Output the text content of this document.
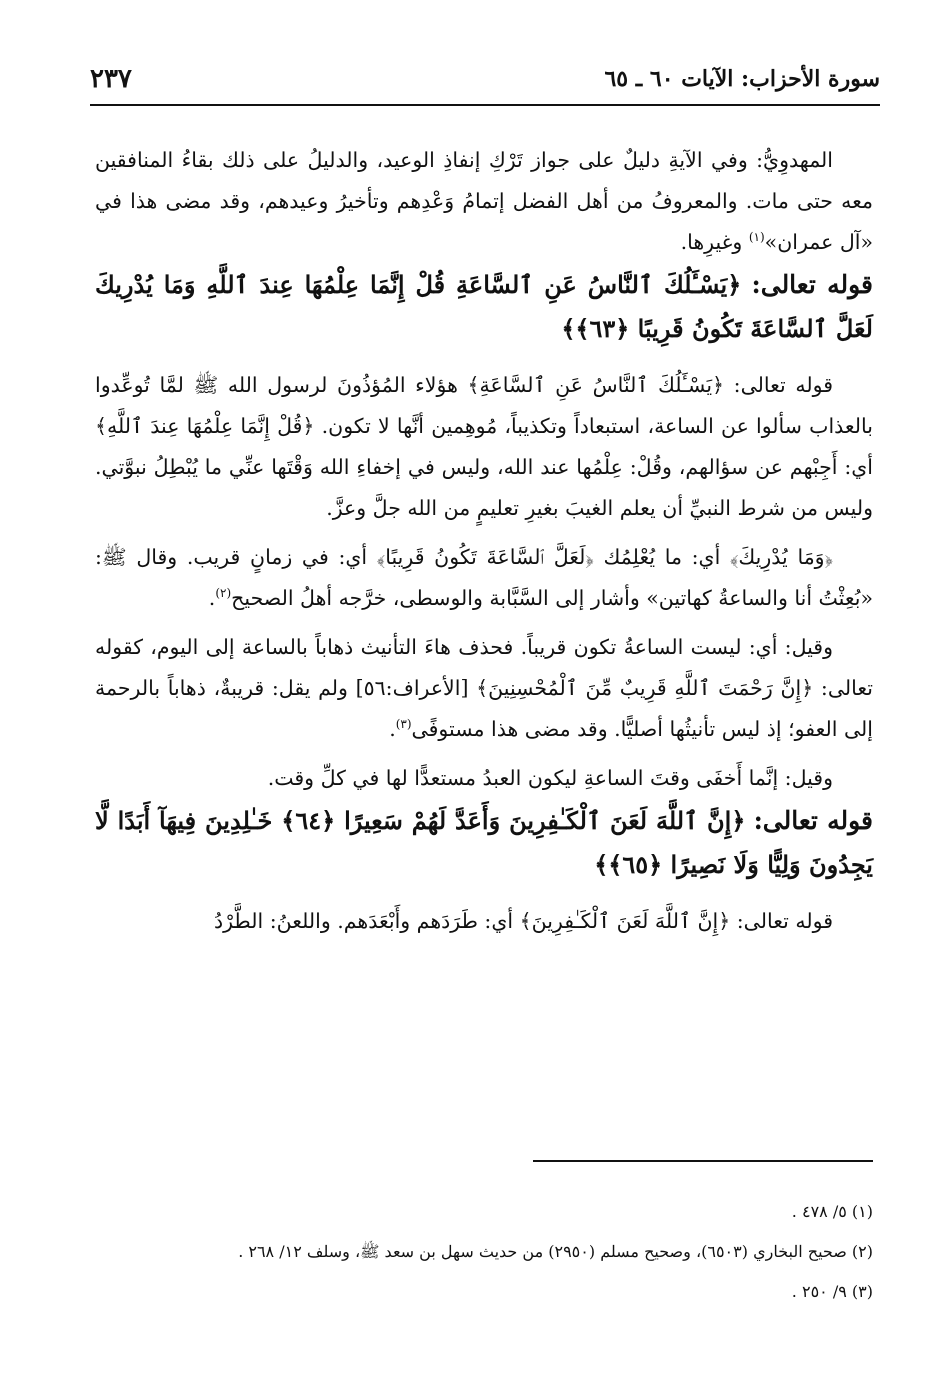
سورة الأحزاب: الآيات ٦٠ ـ ٦٥
٢٣٧

المهدوِيُّ: وفي الآيةِ دليلٌ على جواز تَرْكِ إنفاذِ الوعيد، والدليلُ على ذلك بقاءُ المنافقين معه حتى مات. والمعروفُ من أهل الفضل إتمامُ وَعْدِهم وتأخيرُ وعيدهم، وقد مضى هذا في «آل عمران»$^{(١)}$ وغيرِها.

قوله تعالى: ﴿يَسْـَٔلُكَ ٱلنَّاسُ عَنِ ٱلسَّاعَةِ قُلْ إِنَّمَا عِلْمُهَا عِندَ ٱللَّهِ وَمَا يُدْرِيكَ لَعَلَّ ٱلسَّاعَةَ تَكُونُ قَرِيبًا ﴿٦٣﴾﴾

قوله تعالى: ﴿يَسْـَٔلُكَ ٱلنَّاسُ عَنِ ٱلسَّاعَةِ﴾ هؤلاء المُؤذُونَ لرسول الله ﷺ لمَّا تُوعِّدوا بالعذاب سألوا عن الساعة، استبعاداً وتكذيباً، مُوهِمين أنَّها لا تكون. ﴿قُلْ إِنَّمَا عِلْمُهَا عِندَ ٱللَّهِ﴾ أي: أَجِبْهم عن سؤالهم، وقُلْ: عِلْمُها عند الله، وليس في إخفاءِ الله وَقْتَها عنِّي ما يُبْطِلُ نبوَّتي. وليس من شرط النبيِّ أن يعلم الغيبَ بغيرِ تعليمٍ من الله جلَّ وعزَّ.

﴿وَمَا يُدْرِيكَ﴾ أي: ما يُعْلِمُك ﴿لَعَلَّ ٱلسَّاعَةَ تَكُونُ قَرِيبًا﴾ أي: في زمانٍ قريب. وقال ﷺ: «بُعِثْتُ أنا والساعةُ كهاتين» وأشار إلى السَّبَّابة والوسطى، خرَّجه أهلُ الصحيح$^{(٢)}$.

وقيل: أي: ليست الساعةُ تكون قريباً. فحذف هاءَ التأنيث ذهاباً بالساعة إلى اليوم، كقوله تعالى: ﴿إِنَّ رَحْمَتَ ٱللَّهِ قَرِيبٌ مِّنَ ٱلْمُحْسِنِينَ﴾ [الأعراف:٥٦] ولم يقل: قريبةٌ، ذهاباً بالرحمة إلى العفو؛ إذ ليس تأنيثُها أصليًّا. وقد مضى هذا مستوفًى$^{(٣)}$.

وقيل: إنَّما أَخفَى وقتَ الساعةِ ليكون العبدُ مستعدًّا لها في كلِّ وقت.

قوله تعالى: ﴿إِنَّ ٱللَّهَ لَعَنَ ٱلْكَـٰفِرِينَ وَأَعَدَّ لَهُمْ سَعِيرًا ﴿٦٤﴾ خَـٰلِدِينَ فِيهَآ أَبَدًا لَّا يَجِدُونَ وَلِيًّا وَلَا نَصِيرًا ﴿٦٥﴾﴾

قوله تعالى: ﴿إِنَّ ٱللَّهَ لَعَنَ ٱلْكَـٰفِرِينَ﴾ أي: طَرَدَهم وأَبْعَدَهم. واللعنُ: الطَّرْدُ

(١) ٥/ ٤٧٨ .

(٢) صحيح البخاري (٦٥٠٣)، وصحيح مسلم (٢٩٥٠) من حديث سهل بن سعد ﷺ، وسلف ١٢/ ٢٦٨ .

(٣) ٩/ ٢٥٠ .
